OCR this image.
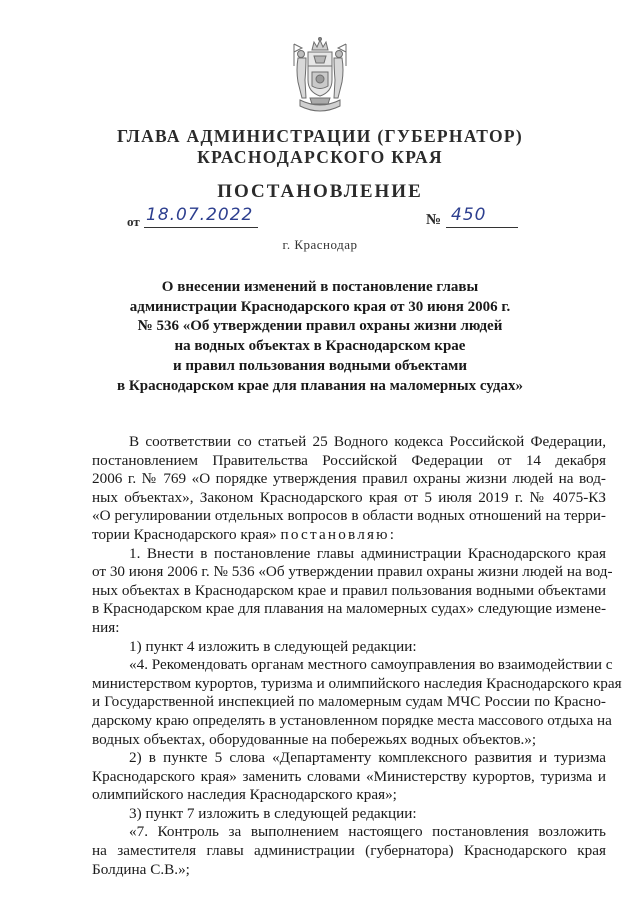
ГЛАВА АДМИНИСТРАЦИИ (ГУБЕРНАТОР)
КРАСНОДАРСКОГО КРАЯ
ПОСТАНОВЛЕНИЕ
от 18.07.2022	№ 450
г. Краснодар
О внесении изменений в постановление главы
администрации Краснодарского края от 30 июня 2006 г.
№ 536 «Об утверждении правил охраны жизни людей
на водных объектах в Краснодарском крае
и правил пользования водными объектами
в Краснодарском крае для плавания на маломерных судах»
В соответствии со статьей 25 Водного кодекса Российской Федерации,
постановлением Правительства Российской Федерации от 14 декабря
2006 г. № 769 «О порядке утверждения правил охраны жизни людей на вод-
ных объектах», Законом Краснодарского края от 5 июля 2019 г. № 4075-КЗ
«О регулировании отдельных вопросов в области водных отношений на терри-
тории Краснодарского края» постановляю:
1. Внести в постановление главы администрации Краснодарского края
от 30 июня 2006 г. № 536 «Об утверждении правил охраны жизни людей на вод-
ных объектах в Краснодарском крае и правил пользования водными объектами
в Краснодарском крае для плавания на маломерных судах» следующие измене-
ния:
1) пункт 4 изложить в следующей редакции:
«4. Рекомендовать органам местного самоуправления во взаимодействии с
министерством курортов, туризма и олимпийского наследия Краснодарского края
и Государственной инспекцией по маломерным судам МЧС России по Красно-
дарскому краю определять в установленном порядке места массового отдыха на
водных объектах, оборудованные на побережьях водных объектов.»;
2) в пункте 5 слова «Департаменту комплексного развития и туризма
Краснодарского края» заменить словами «Министерству курортов, туризма и
олимпийского наследия Краснодарского края»;
3) пункт 7 изложить в следующей редакции:
«7. Контроль за выполнением настоящего постановления возложить
на заместителя главы администрации (губернатора) Краснодарского края
Болдина С.В.»;
